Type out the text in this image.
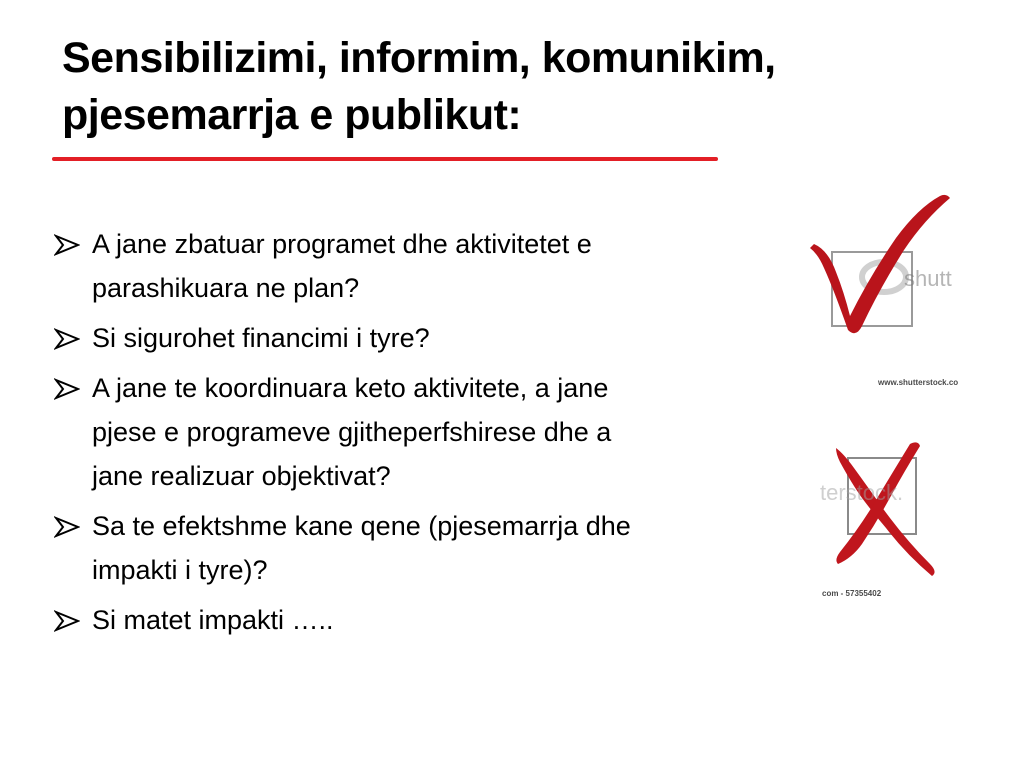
Sensibilizimi, informim, komunikim,
pjesemarrja e publikut:
A jane zbatuar programet dhe aktivitetet e
parashikuara ne plan?
Si sigurohet financimi i tyre?
A jane te koordinuara keto aktivitete, a jane
pjese e programeve gjitheperfshirese dhe a
jane realizuar objektivat?
Sa te efektshme kane qene (pjesemarrja dhe
impakti i tyre)?
Si matet impakti …..
shutt
www.shutterstock.co
terstock.
com - 57355402
